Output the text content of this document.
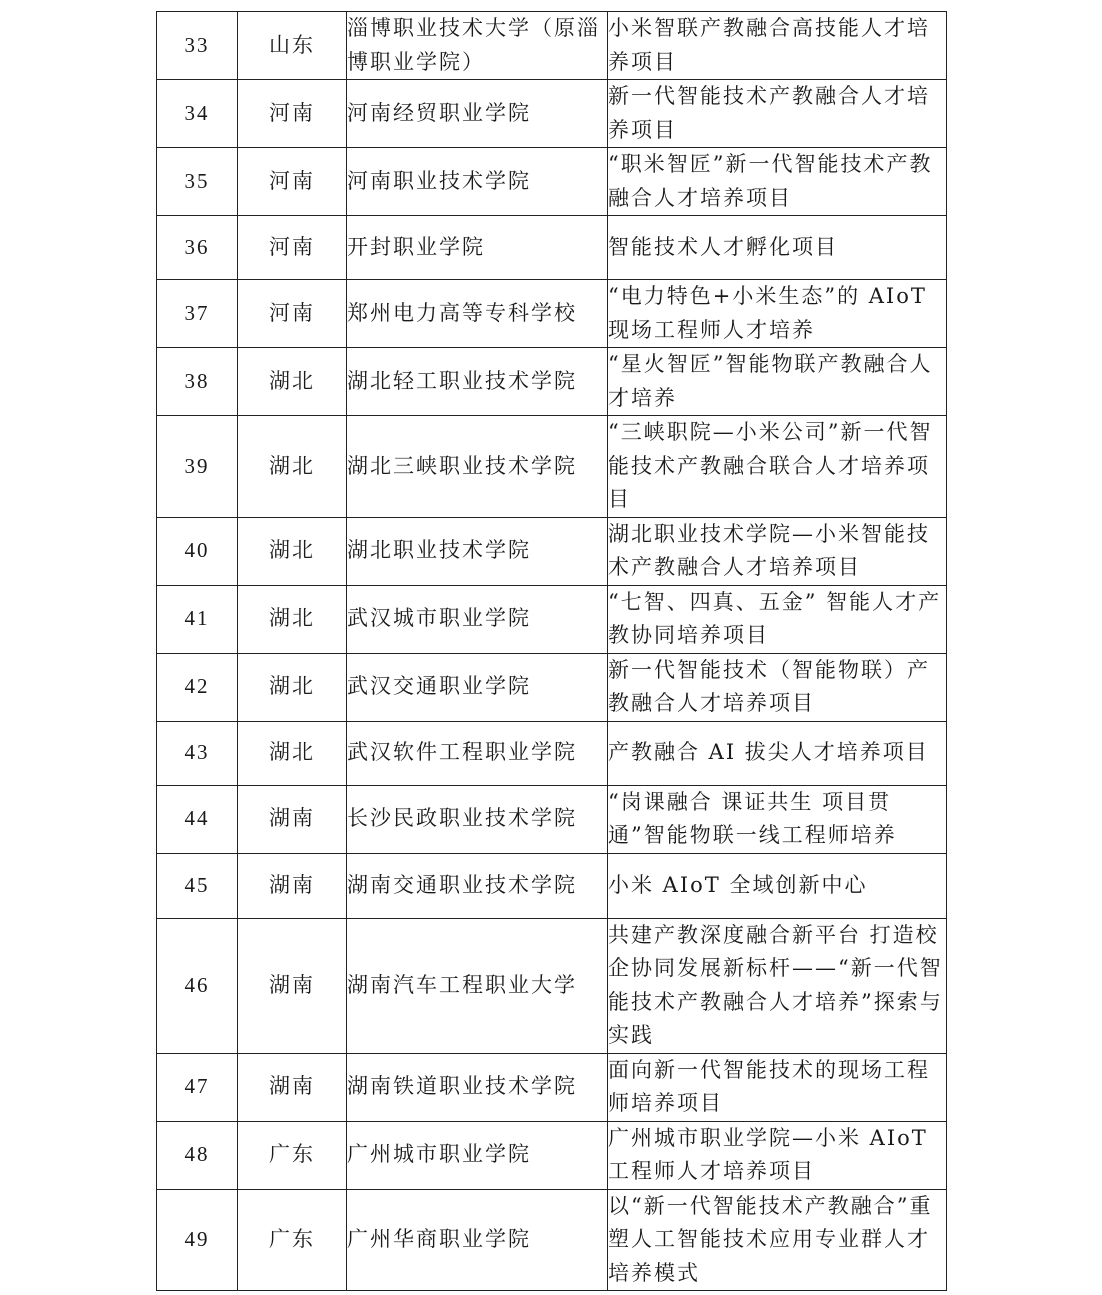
33	山东	淄博职业技术大学（原淄博职业学院）	小米智联产教融合高技能人才培养项目
34	河南	河南经贸职业学院	新一代智能技术产教融合人才培养项目
35	河南	河南职业技术学院	“职米智匠”新一代智能技术产教融合人才培养项目
36	河南	开封职业学院	智能技术人才孵化项目
37	河南	郑州电力高等专科学校	“电力特色+小米生态”的 AIoT 现场工程师人才培养
38	湖北	湖北轻工职业技术学院	“星火智匠”智能物联产教融合人才培养
39	湖北	湖北三峡职业技术学院	“三峡职院—小米公司”新一代智能技术产教融合联合人才培养项目
40	湖北	湖北职业技术学院	湖北职业技术学院—小米智能技术产教融合人才培养项目
41	湖北	武汉城市职业学院	“七智、四真、五金” 智能人才产教协同培养项目
42	湖北	武汉交通职业学院	新一代智能技术（智能物联）产教融合人才培养项目
43	湖北	武汉软件工程职业学院	产教融合 AI 拔尖人才培养项目
44	湖南	长沙民政职业技术学院	“岗课融合 课证共生 项目贯通”智能物联一线工程师培养
45	湖南	湖南交通职业技术学院	小米 AIoT 全域创新中心
46	湖南	湖南汽车工程职业大学	共建产教深度融合新平台 打造校企协同发展新标杆——“新一代智能技术产教融合人才培养”探索与实践
47	湖南	湖南铁道职业技术学院	面向新一代智能技术的现场工程师培养项目
48	广东	广州城市职业学院	广州城市职业学院—小米 AIoT 工程师人才培养项目
49	广东	广州华商职业学院	以“新一代智能技术产教融合”重塑人工智能技术应用专业群人才培养模式
